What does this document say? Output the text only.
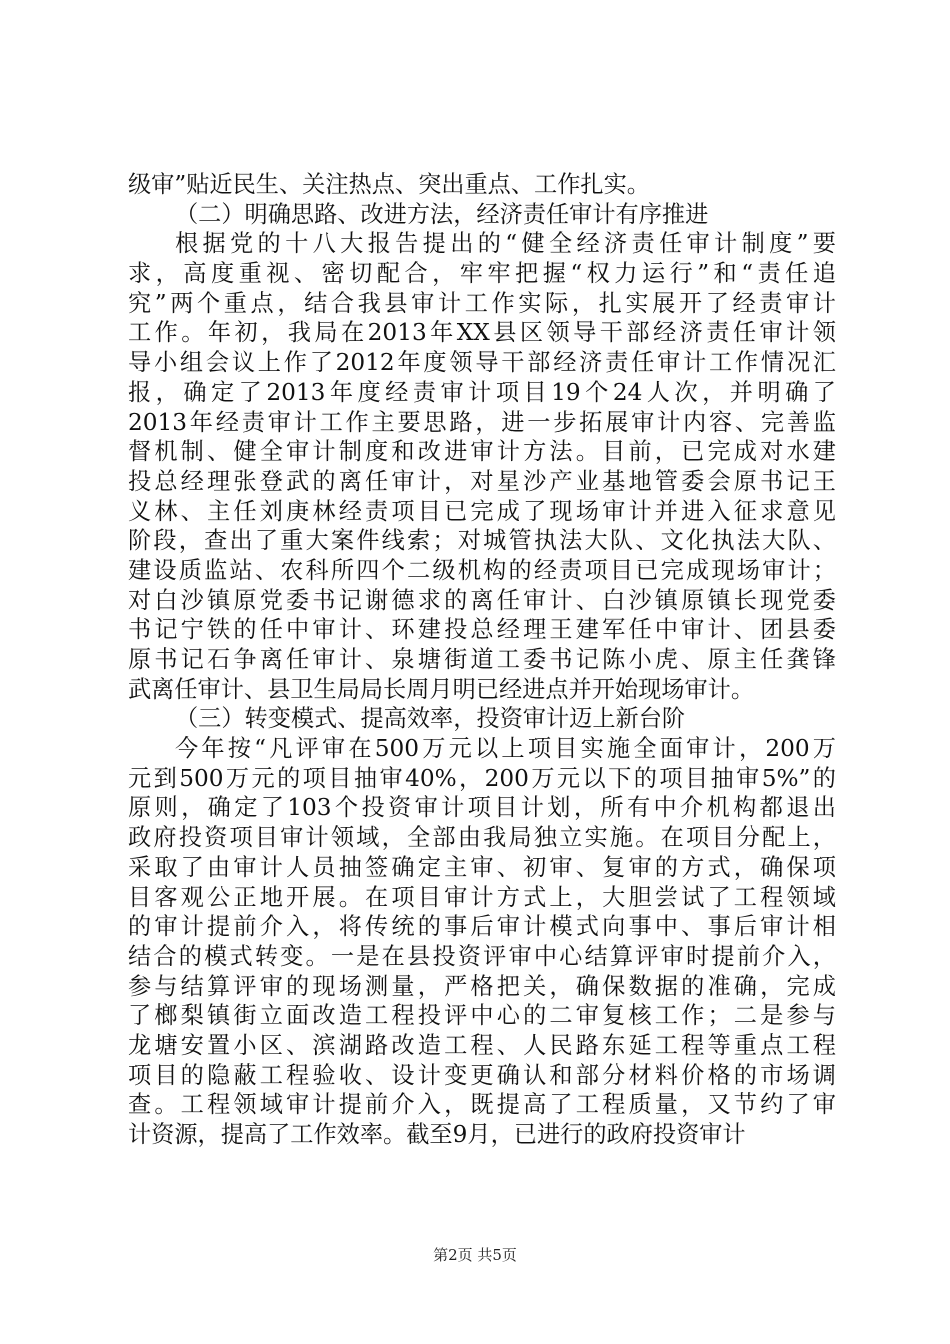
级审”贴近民生、关注热点、突出重点、工作扎实。
（二）明确思路、改进方法，经济责任审计有序推进
根据党的十八大报告提出的“健全经济责任审计制度”要
求，高度重视、密切配合，牢牢把握“权力运行”和“责任追
究”两个重点，结合我县审计工作实际，扎实展开了经责审计
工作。年初，我局在2013年XX县区领导干部经济责任审计领
导小组会议上作了2012年度领导干部经济责任审计工作情况汇
报，确定了2013年度经责审计项目19个24人次，并明确了
2013年经责审计工作主要思路，进一步拓展审计内容、完善监
督机制、健全审计制度和改进审计方法。目前，已完成对水建
投总经理张登武的离任审计，对星沙产业基地管委会原书记王
义林、主任刘庚林经责项目已完成了现场审计并进入征求意见
阶段，查出了重大案件线索；对城管执法大队、文化执法大队、
建设质监站、农科所四个二级机构的经责项目已完成现场审计；
对白沙镇原党委书记谢德求的离任审计、白沙镇原镇长现党委
书记宁铁的任中审计、环建投总经理王建军任中审计、团县委
原书记石争离任审计、泉塘街道工委书记陈小虎、原主任龚锋
武离任审计、县卫生局局长周月明已经进点并开始现场审计。
（三）转变模式、提高效率，投资审计迈上新台阶
今年按“凡评审在500万元以上项目实施全面审计，200万
元到500万元的项目抽审40%，200万元以下的项目抽审5%”的
原则，确定了103个投资审计项目计划，所有中介机构都退出
政府投资项目审计领域，全部由我局独立实施。在项目分配上，
采取了由审计人员抽签确定主审、初审、复审的方式，确保项
目客观公正地开展。在项目审计方式上，大胆尝试了工程领域
的审计提前介入，将传统的事后审计模式向事中、事后审计相
结合的模式转变。一是在县投资评审中心结算评审时提前介入，
参与结算评审的现场测量，严格把关，确保数据的准确，完成
了榔梨镇街立面改造工程投评中心的二审复核工作；二是参与
龙塘安置小区、滨湖路改造工程、人民路东延工程等重点工程
项目的隐蔽工程验收、设计变更确认和部分材料价格的市场调
查。工程领域审计提前介入，既提高了工程质量，又节约了审
计资源，提高了工作效率。截至9月，已进行的政府投资审计
第2页 共5页
